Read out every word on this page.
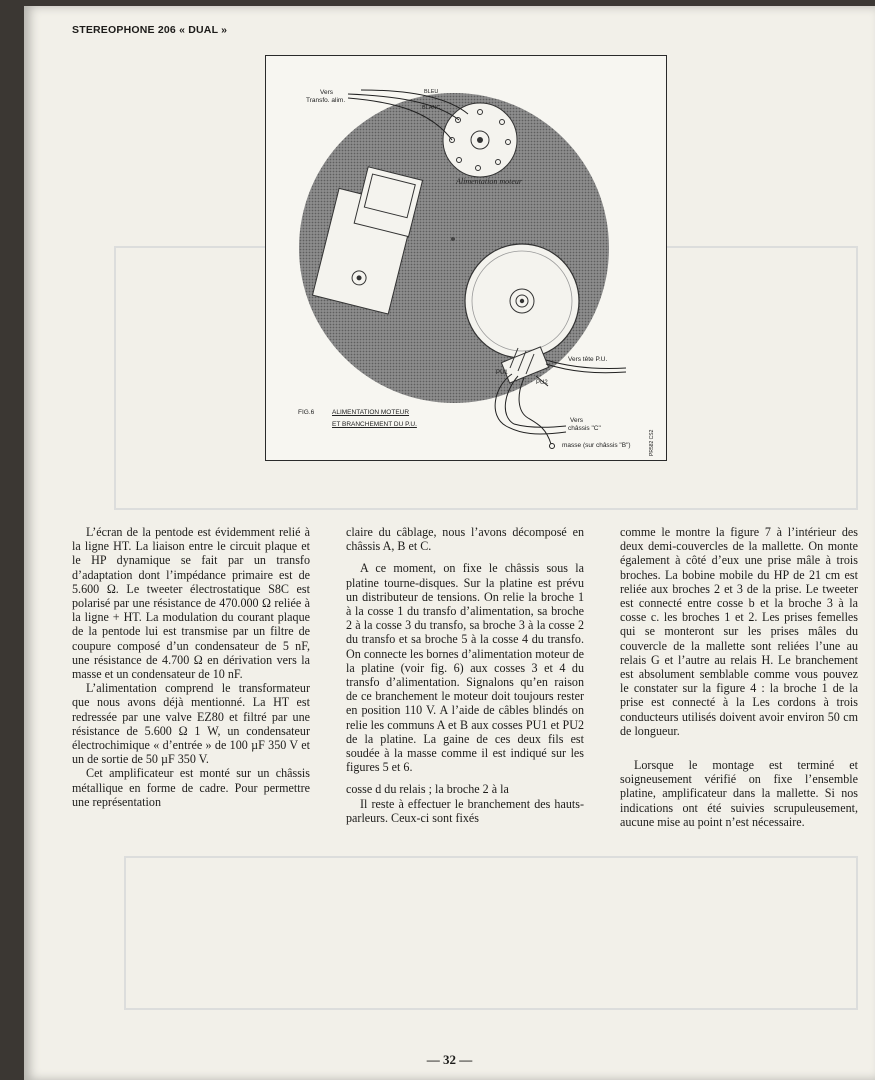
STEREOPHONE 206 « DUAL »
Vers
Transfo. alim.
BLEU
BLANC
Alimentation moteur
Vers tête P.U.
PU1
PU2
Vers
châssis "C"
masse (sur châssis "B")
FIG.6	ALIMENTATION MOTEUR
ET BRANCHEMENT DU P.U.
PR582 CS2

L’écran de la pentode est évidemment relié à la ligne HT. La liaison entre le circuit plaque et le HP dynamique se fait par un transfo d’adaptation dont l’impédance primaire est de 5.600 Ω. Le tweeter électrostatique S8C est polarisé par une résistance de 470.000 Ω reliée à la ligne + HT. La modulation du courant plaque de la pentode lui est transmise par un filtre de coupure composé d’un condensateur de 5 nF, une résistance de 4.700 Ω en dérivation vers la masse et un condensateur de 10 nF.

L’alimentation comprend le transformateur que nous avons déjà mentionné. La HT est redressée par une valve EZ80 et filtré par une résistance de 5.600 Ω 1 W, un condensateur électrochimique « d’entrée » de 100 µF 350 V et un de sortie de 50 µF 350 V.

Cet amplificateur est monté sur un châssis métallique en forme de cadre. Pour permettre une représentation

claire du câblage, nous l’avons décomposé en châssis A, B et C.

A ce moment, on fixe le châssis sous la platine tourne-disques. Sur la platine est prévu un distributeur de tensions. On relie la broche 1 à la cosse 1 du transfo d’alimentation, sa broche 2 à la cosse 3 du transfo, sa broche 3 à la cosse 2 du transfo et sa broche 5 à la cosse 4 du transfo. On connecte les bornes d’alimentation moteur de la platine (voir fig. 6) aux cosses 3 et 4 du transfo d’alimentation. Signalons qu’en raison de ce branchement le moteur doit toujours rester en position 110 V. A l’aide de câbles blindés on relie les communs A et B aux cosses PU1 et PU2 de la platine. La gaine de ces deux fils est soudée à la masse comme il est indiqué sur les figures 5 et 6.

cosse d du relais ; la broche 2 à la

Il reste à effectuer le branchement des hauts-parleurs. Ceux-ci sont fixés

comme le montre la figure 7 à l’intérieur des deux demi-couvercles de la mallette. On monte également à côté d’eux une prise mâle à trois broches. La bobine mobile du HP de 21 cm est reliée aux broches 2 et 3 de la prise. Le tweeter est connecté entre cosse b et la broche 3 à la cosse c. les broches 1 et 2. Les prises femelles qui se monteront sur les prises mâles du couvercle de la mallette sont reliées l’une au relais G et l’autre au relais H. Le branchement est absolument semblable comme vous pouvez le constater sur la figure 4 : la broche 1 de la prise est connecté à la Les cordons à trois conducteurs utilisés doivent avoir environ 50 cm de longueur.

Lorsque le montage est terminé et soigneusement vérifié on fixe l’ensemble platine, amplificateur dans la mallette. Si nos indications ont été suivies scrupuleusement, aucune mise au point n’est nécessaire.

— 32 —
